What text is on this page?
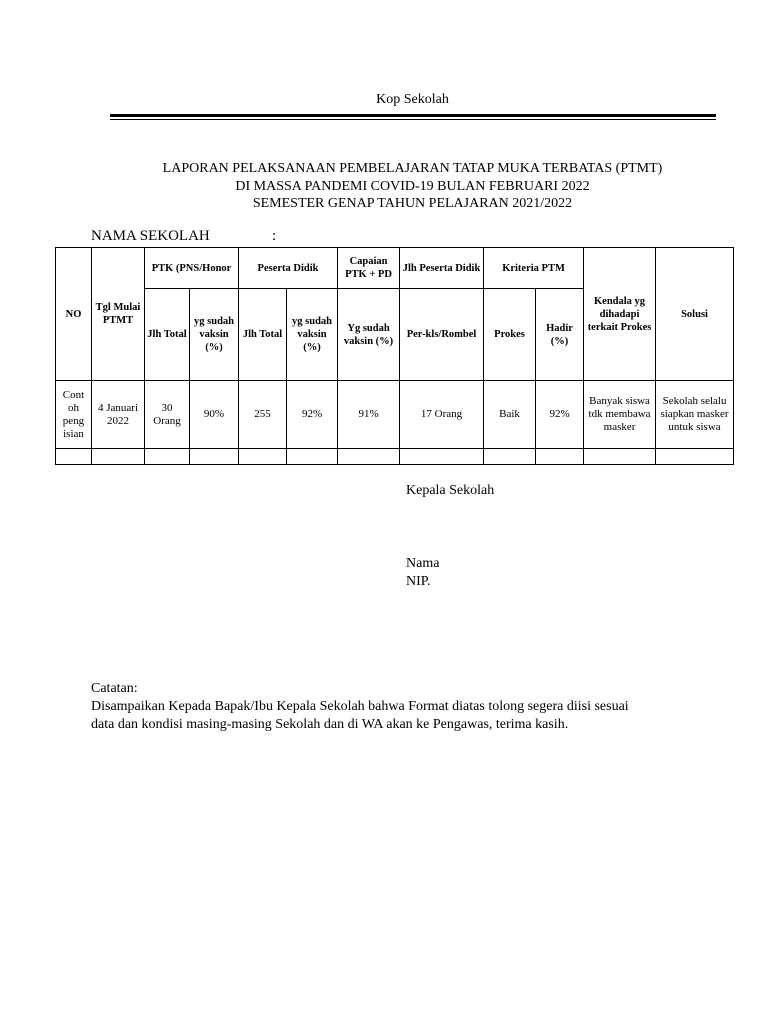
Kop Sekolah
LAPORAN PELAKSANAAN PEMBELAJARAN TATAP MUKA TERBATAS (PTMT)
DI MASSA PANDEMI COVID-19 BULAN FEBRUARI 2022
SEMESTER GENAP TAHUN PELAJARAN 2021/2022
NAMA SEKOLAH	:
NO	Tgl Mulai PTMT	PTK (PNS/Honor		Peserta Didik		Capaian PTK + PD	Jlh Peserta Didik	Kriteria PTM		Kendala yg dihadapi terkait Prokes	Solusi
		Jlh Total	yg sudah vaksin (%)	Jlh Total	yg sudah vaksin (%)	Yg sudah vaksin (%)	Per-kls/Rombel	Prokes	Hadir (%)		
Cont oh peng isian	4 Januari 2022	30 Orang	90%	255	92%	91%	17 Orang	Baik	92%	Banyak siswa tdk membawa masker	Sekolah selalu siapkan masker untuk siswa

Kepala Sekolah
Nama
NIP.
Catatan:
Disampaikan Kepada Bapak/Ibu Kepala Sekolah bahwa Format diatas tolong segera diisi sesuai
data dan kondisi masing-masing Sekolah dan di WA akan ke Pengawas, terima kasih.
